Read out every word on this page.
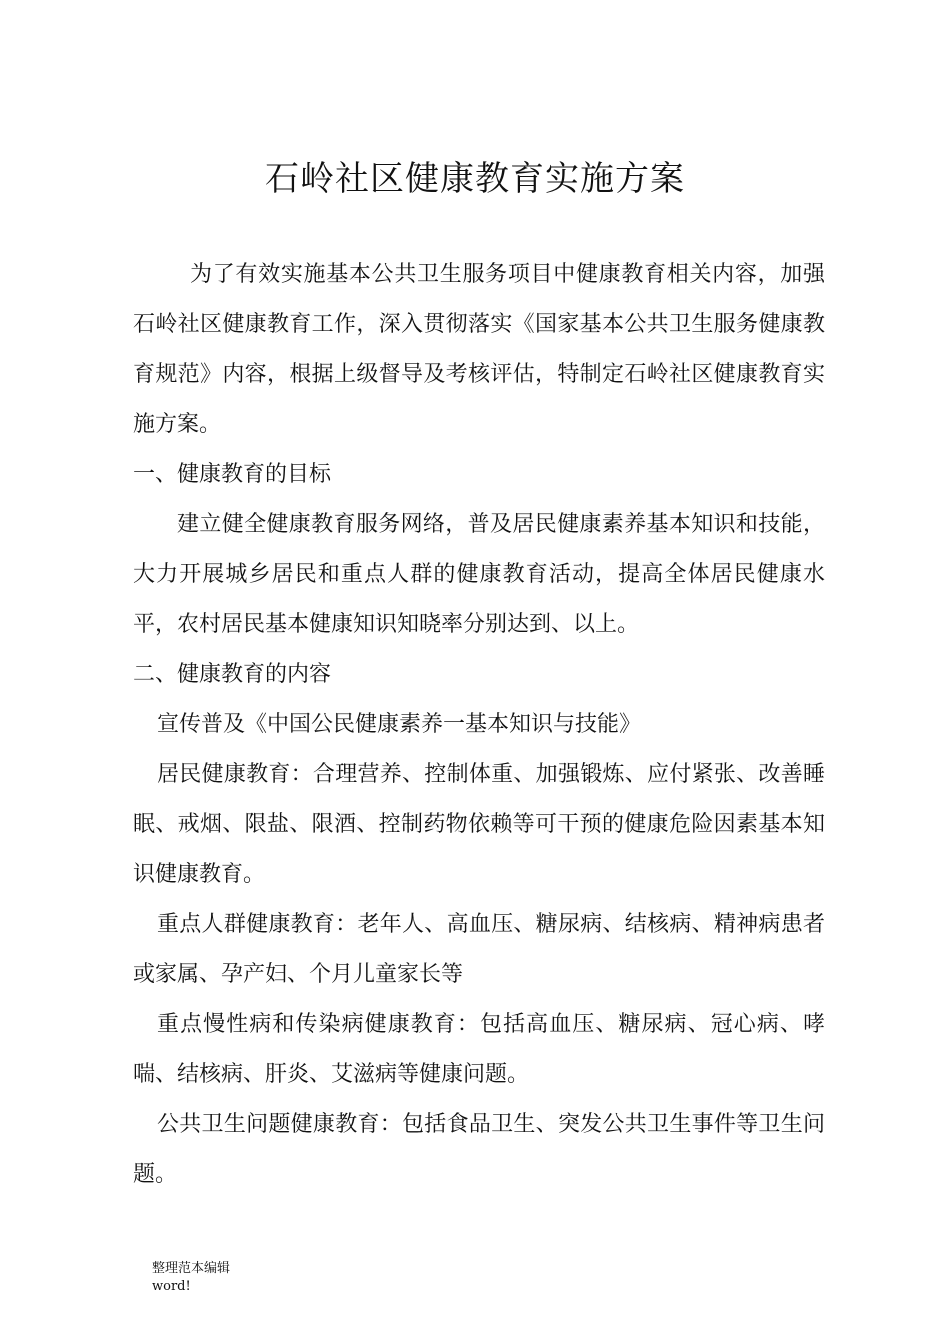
石岭社区健康教育实施方案

为了有效实施基本公共卫生服务项目中健康教育相关内容，加强石岭社区健康教育工作，深入贯彻落实《国家基本公共卫生服务健康教育规范》内容，根据上级督导及考核评估，特制定石岭社区健康教育实施方案。

一、健康教育的目标

建立健全健康教育服务网络，普及居民健康素养基本知识和技能，大力开展城乡居民和重点人群的健康教育活动，提高全体居民健康水平，农村居民基本健康知识知晓率分别达到、以上。

二、健康教育的内容

宣传普及《中国公民健康素养一基本知识与技能》

居民健康教育：合理营养、控制体重、加强锻炼、应付紧张、改善睡眠、戒烟、限盐、限酒、控制药物依赖等可干预的健康危险因素基本知识健康教育。

重点人群健康教育：老年人、高血压、糖尿病、结核病、精神病患者或家属、孕产妇、个月儿童家长等

重点慢性病和传染病健康教育：包括高血压、糖尿病、冠心病、哮喘、结核病、肝炎、艾滋病等健康问题。

公共卫生问题健康教育：包括食品卫生、突发公共卫生事件等卫生问题。

整理范本编辑
word!
